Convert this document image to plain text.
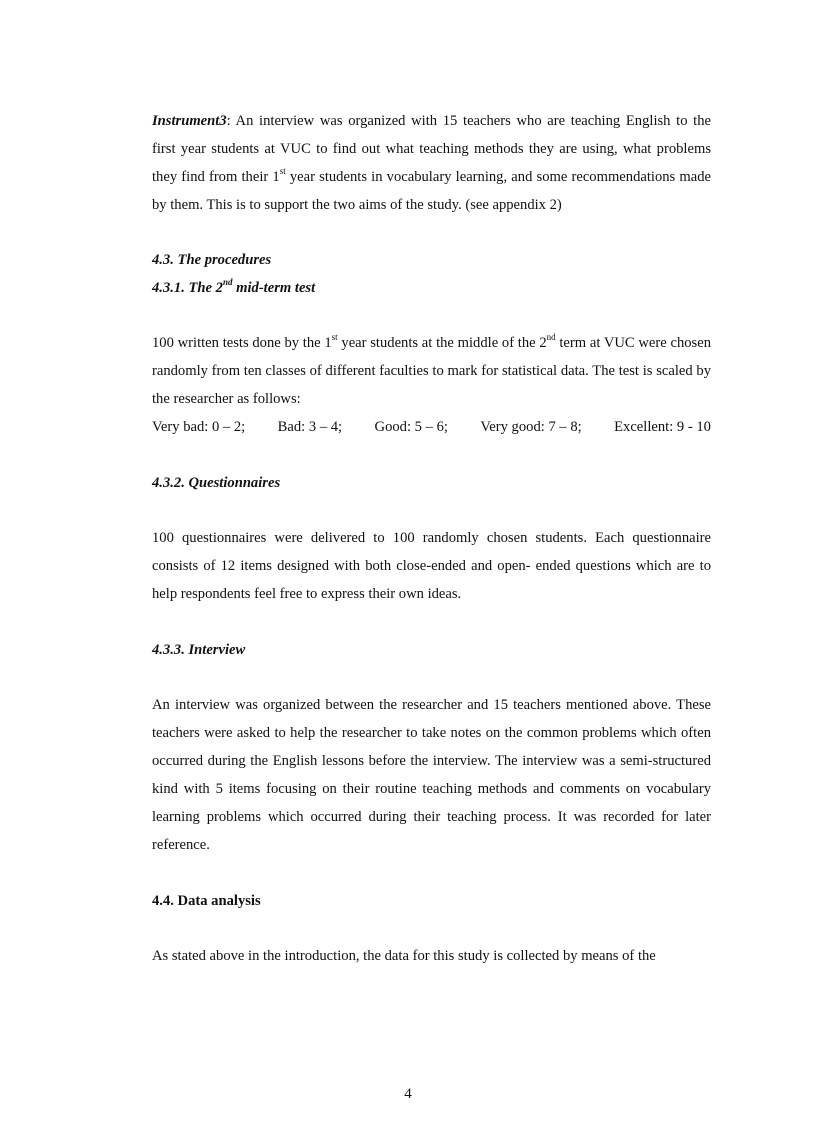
Instrument3: An interview was organized with 15 teachers who are teaching English to the first year students at VUC to find out what teaching methods they are using, what problems they find from their 1st year students in vocabulary learning, and some recommendations made by them. This is to support the two aims of the study. (see appendix 2)

4.3. The procedures

4.3.1. The 2nd mid-term test

100 written tests done by the 1st year students at the middle of the 2nd term at VUC were chosen randomly from ten classes of different faculties to mark for statistical data. The test is scaled by the researcher as follows:

Very bad: 0 – 2; Bad: 3 – 4; Good: 5 – 6; Very good: 7 – 8; Excellent: 9 - 10

4.3.2. Questionnaires

100 questionnaires were delivered to 100 randomly chosen students. Each questionnaire consists of 12 items designed with both close-ended and open- ended questions which are to help respondents feel free to express their own ideas.

4.3.3. Interview

An interview was organized between the researcher and 15 teachers mentioned above. These teachers were asked to help the researcher to take notes on the common problems which often occurred during the English lessons before the interview. The interview was a semi-structured kind with 5 items focusing on their routine teaching methods and comments on vocabulary learning problems which occurred during their teaching process. It was recorded for later reference.

4.4. Data analysis

As stated above in the introduction, the data for this study is collected by means of the

4
